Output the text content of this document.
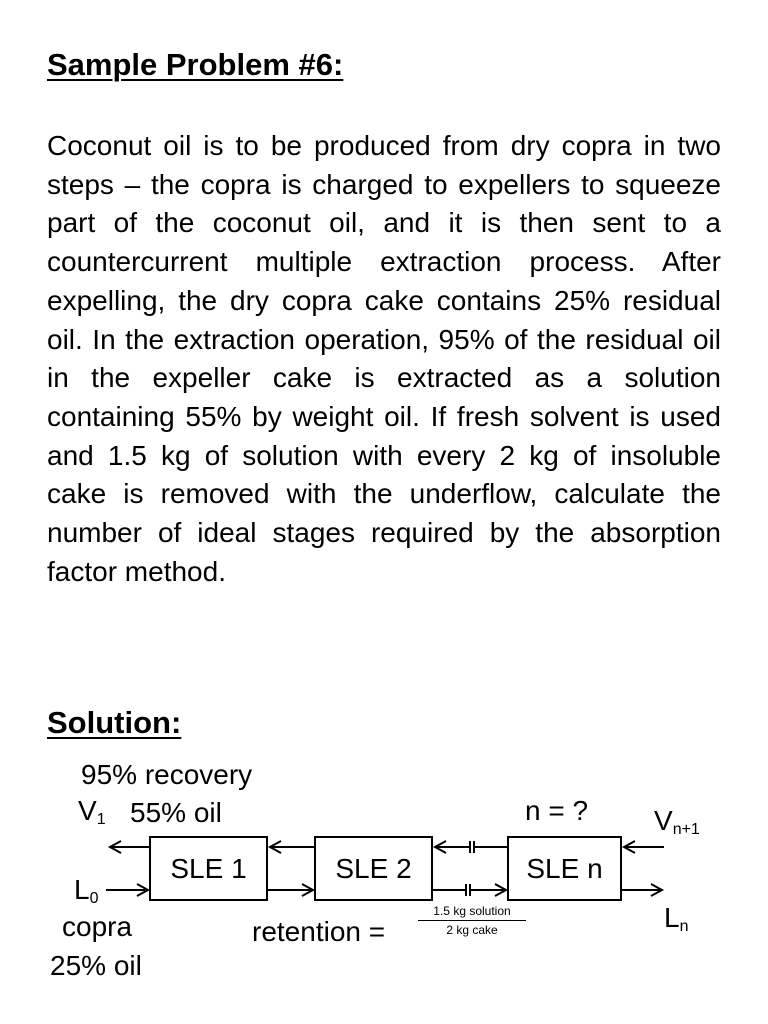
Sample Problem #6:

Coconut oil is to be produced from dry copra in two steps – the copra is charged to expellers to squeeze part of the coconut oil, and it is then sent to a countercurrent multiple extraction process. After expelling, the dry copra cake contains 25% residual oil. In the extraction operation, 95% of the residual oil in the expeller cake is extracted as a solution containing 55% by weight oil. If fresh solvent is used and 1.5 kg of solution with every 2 kg of insoluble cake is removed with the underflow, calculate the number of ideal stages required by the absorption factor method.

Solution:
95% recovery
$V_1$ 55% oil	n = ? $V_{n+1}$
SLE 1	SLE 2	SLE n
$L_0$
$L_n$
copra
25% oil
retention =
1.5 kg solution
2 kg cake
